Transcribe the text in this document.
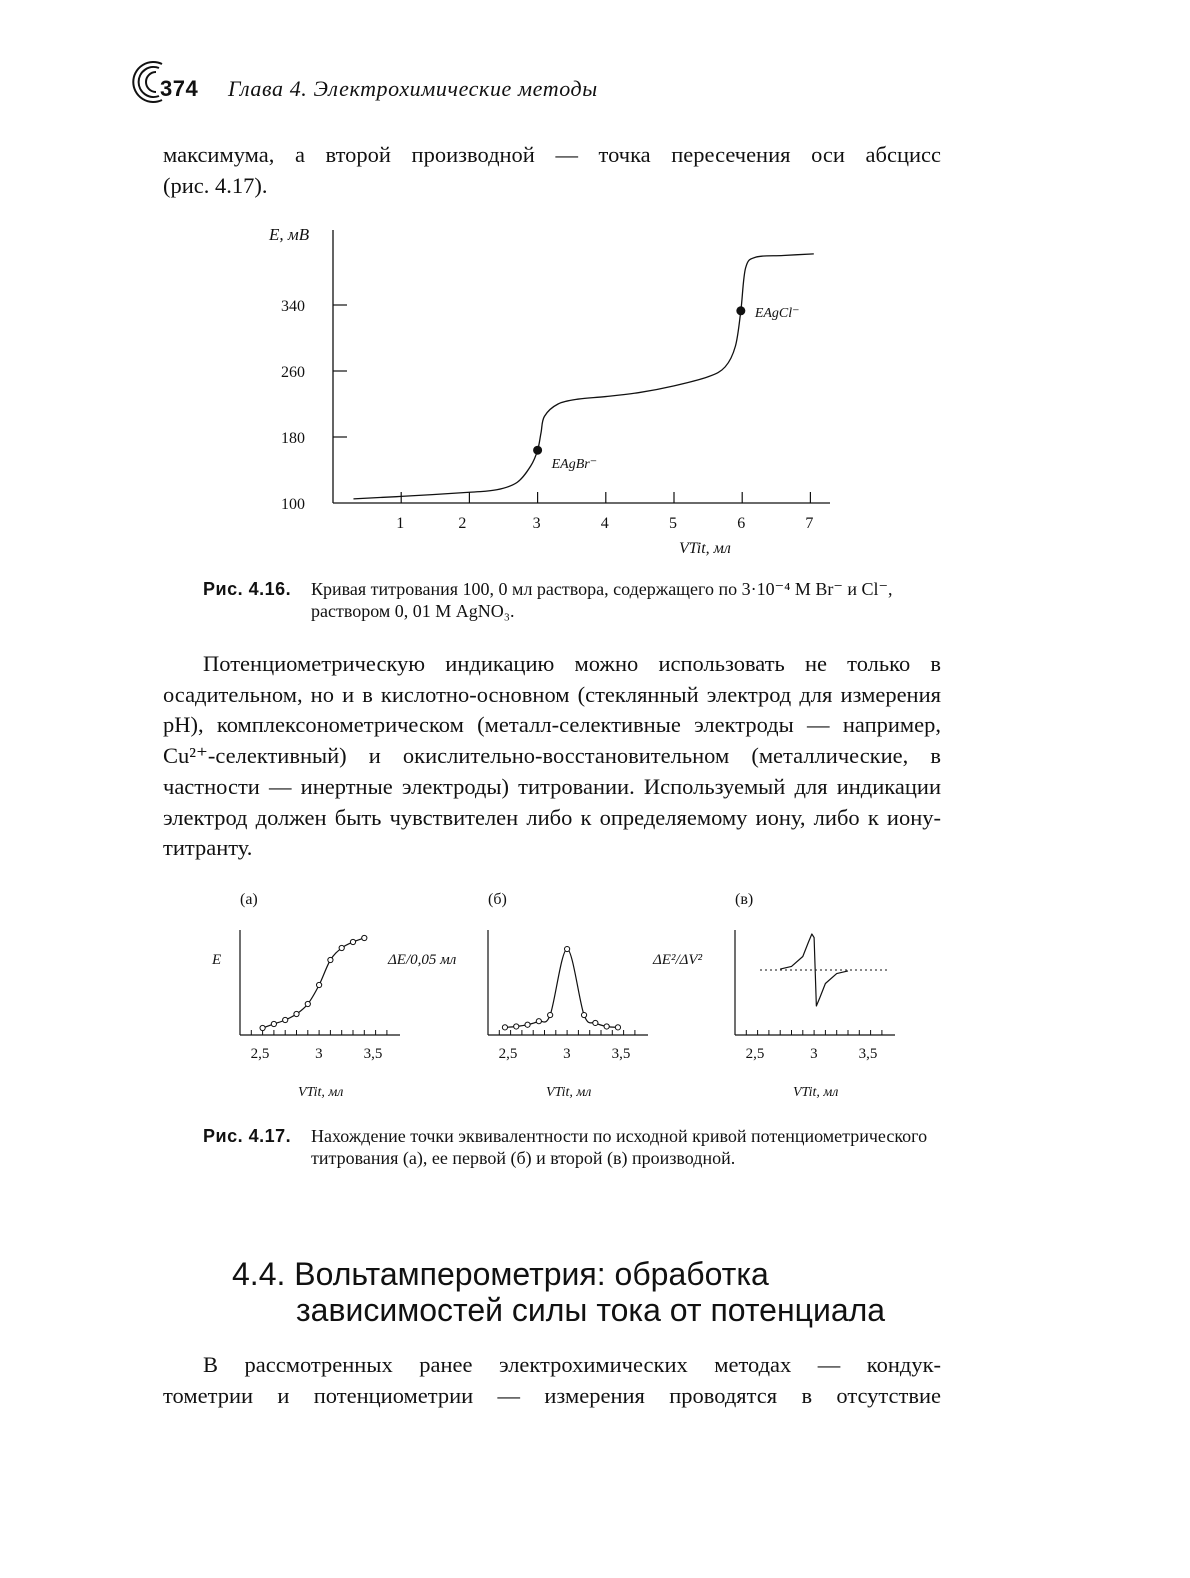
374 Глава 4. Электрохимические методы

максимума, а второй производной — точка пересечения оси абсцисс

(рис. 4.17).

E, мВ
340
260
180
100
1	2	3	4	5	6	7
EAgBr⁻
EAgCl⁻
VTit, мл
Рис. 4.16. Кривая титрования 100, 0 мл раствора, содержащего по 3·10⁻⁴ М Br⁻ и Cl⁻, раствором 0, 01 М AgNO₃.

Потенциометрическую индикацию можно использовать не только в осадительном, но и в кислотно-основном (стеклянный электрод для измерения pH), комплексонометрическом (металл-селективные электроды — например, Cu²⁺-селективный) и окислительно-восстановительном (металлические, в частности — инертные электроды) титровании. Используемый для индикации электрод должен быть чувствителен либо к определяемому иону, либо к иону-титранту.

(а)
E
2,5	3	3,5
VTit, мл
(б)
ΔE/0,05 мл
2,5	3	3,5
VTit, мл
(в)
ΔE²/ΔV²
2,5	3	3,5
VTit, мл
Рис. 4.17. Нахождение точки эквивалентности по исходной кривой потенциометрического титрования (а), ее первой (б) и второй (в) производной.
4.4. Вольтамперометрия: обработка
зависимостей силы тока от потенциала

В рассмотренных ранее электрохимических методах — кондук-

тометрии и потенциометрии — измерения проводятся в отсутствие
